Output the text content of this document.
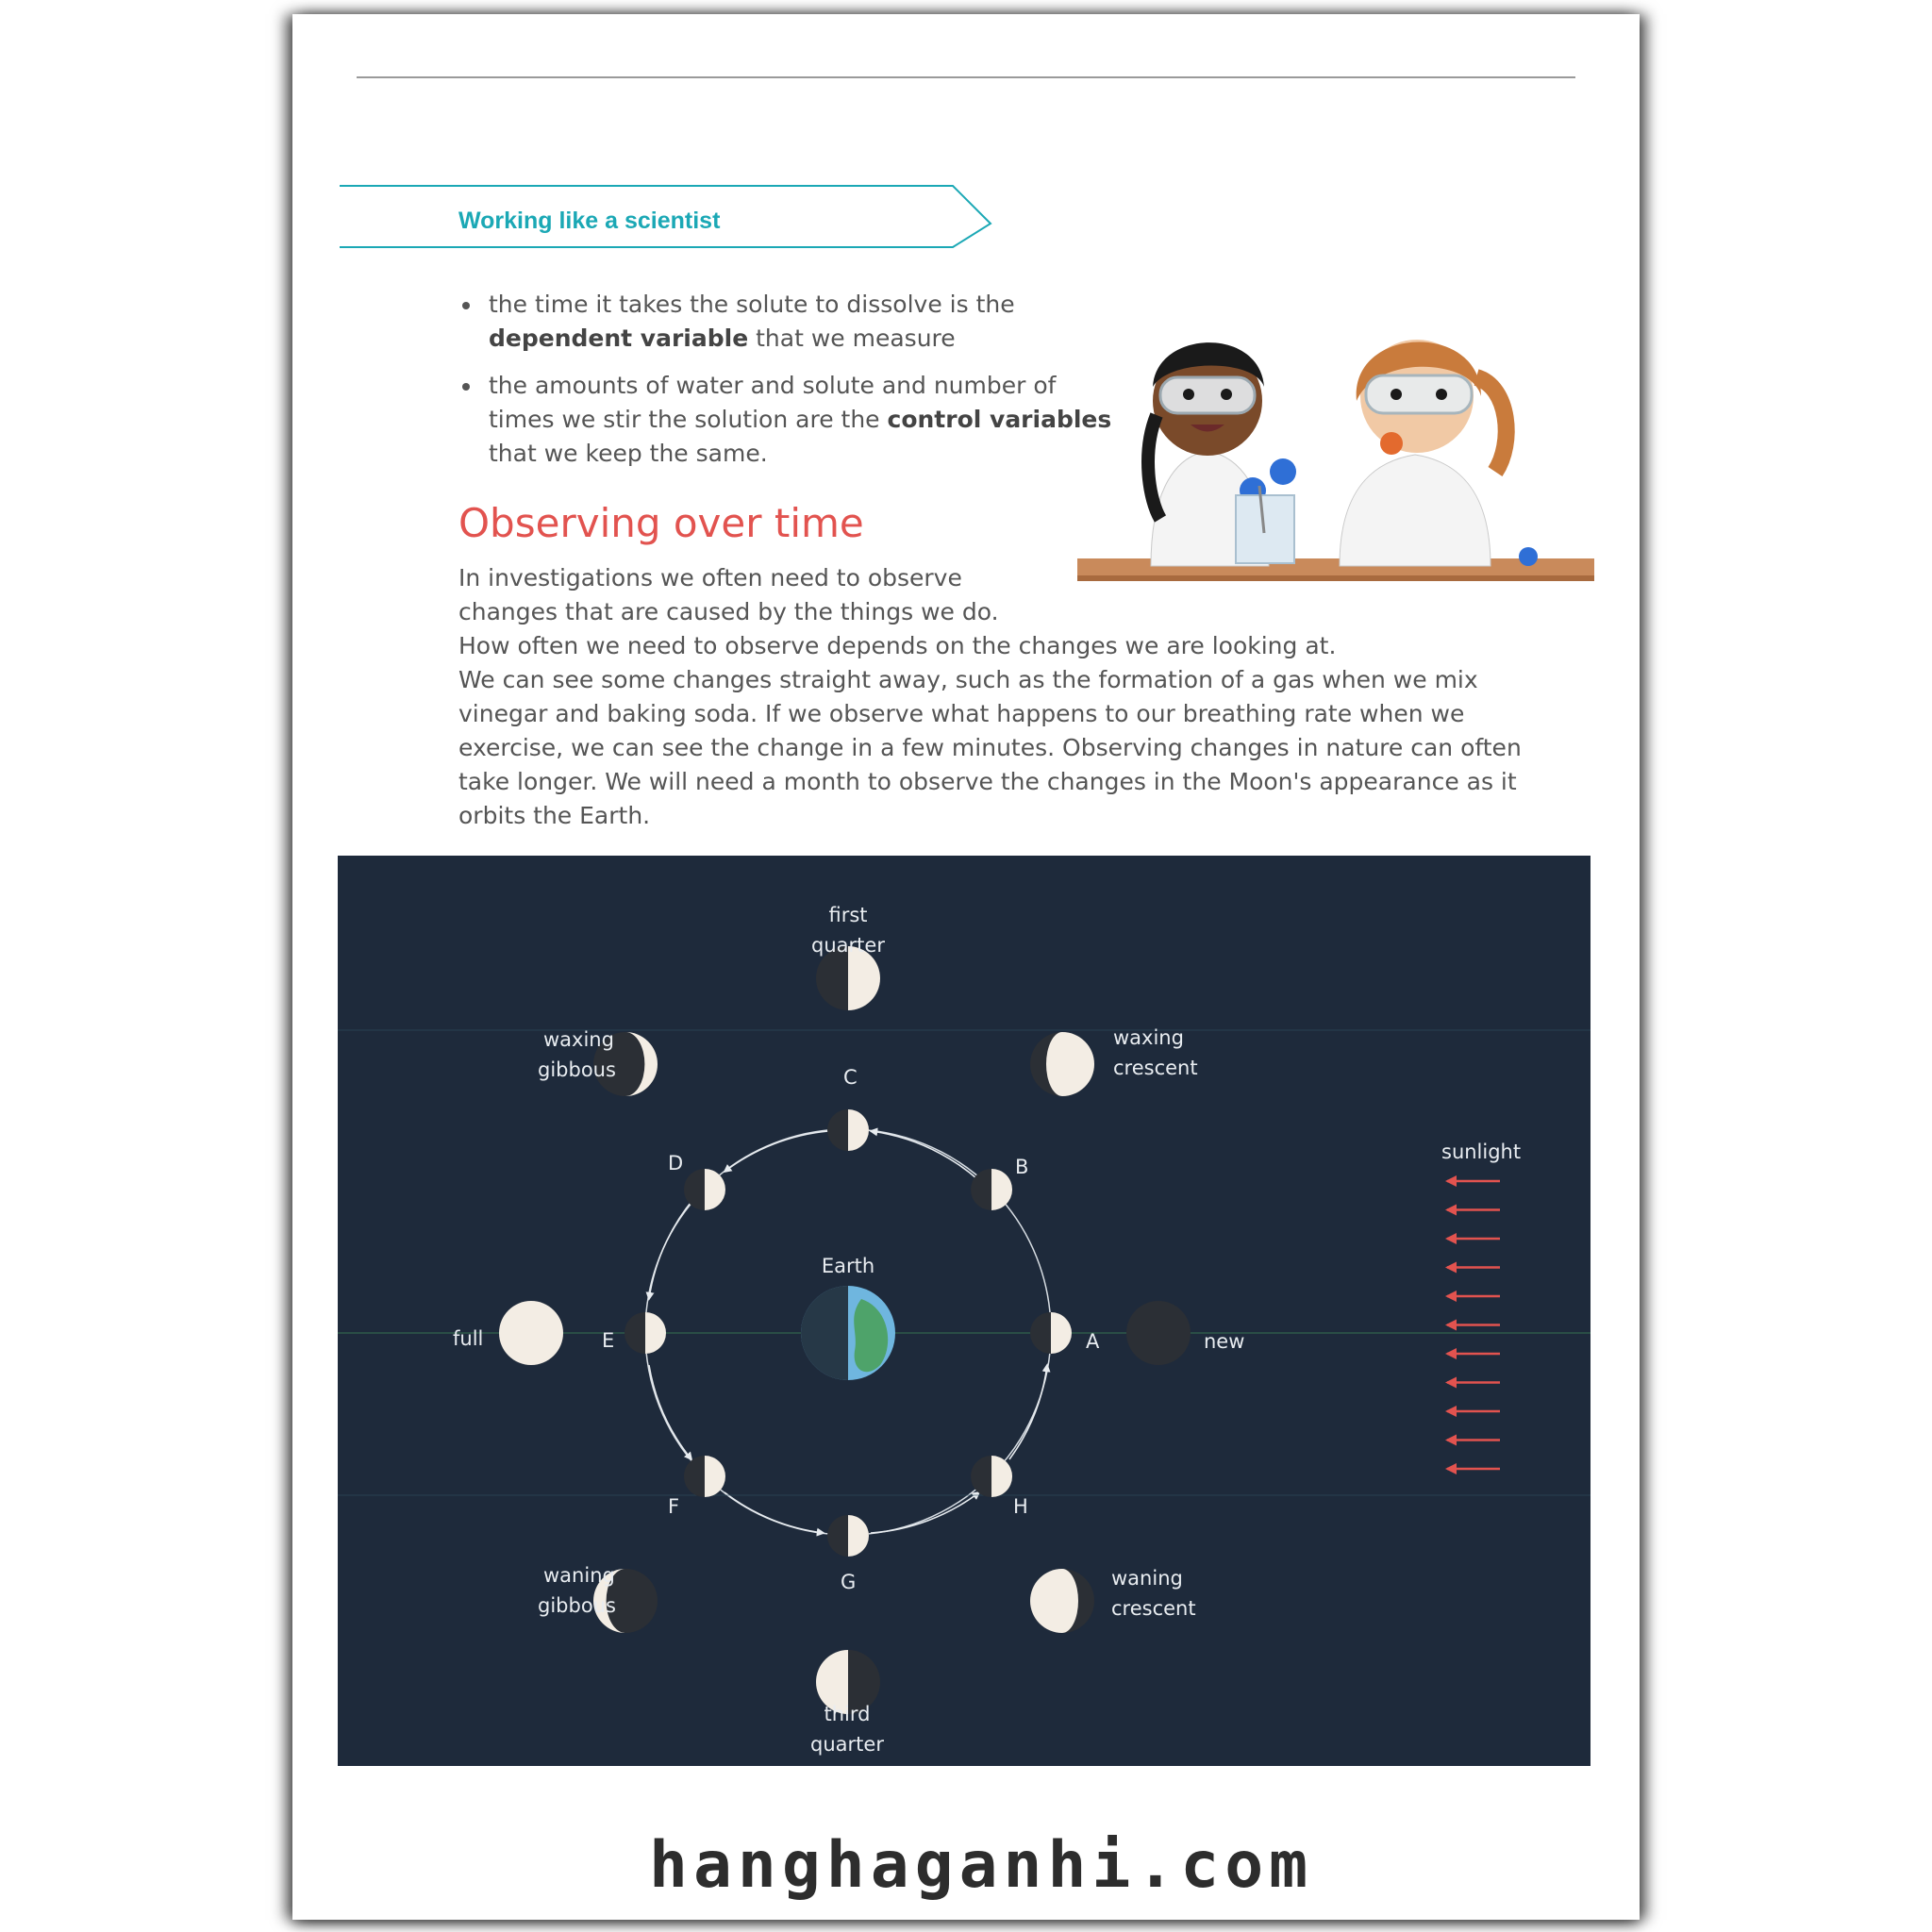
Working like a scientist
the time it takes the solute to dissolve is the dependent variable that we measure
the amounts of water and solute and number of times we stir the solution are the control variables that we keep the same.
Observing over time

In investigations we often need to observe

changes that are caused by the things we do.

How often we need to observe depends on the changes we are looking at.

We can see some changes straight away, such as the formation of a gas when we mix vinegar and baking soda. If we observe what happens to our breathing rate when we exercise, we can see the change in a few minutes. Observing changes in nature can often take longer. We will need a month to observe the changes in the Moon's appearance as it orbits the Earth.

Earth
A
B
C
D
E
F
G
H
new
waxing
crescent
first
quarter
waxing
gibbous
full
waning
gibbous
third
quarter
waning
crescent
sunlight
hanghaganhi.com
